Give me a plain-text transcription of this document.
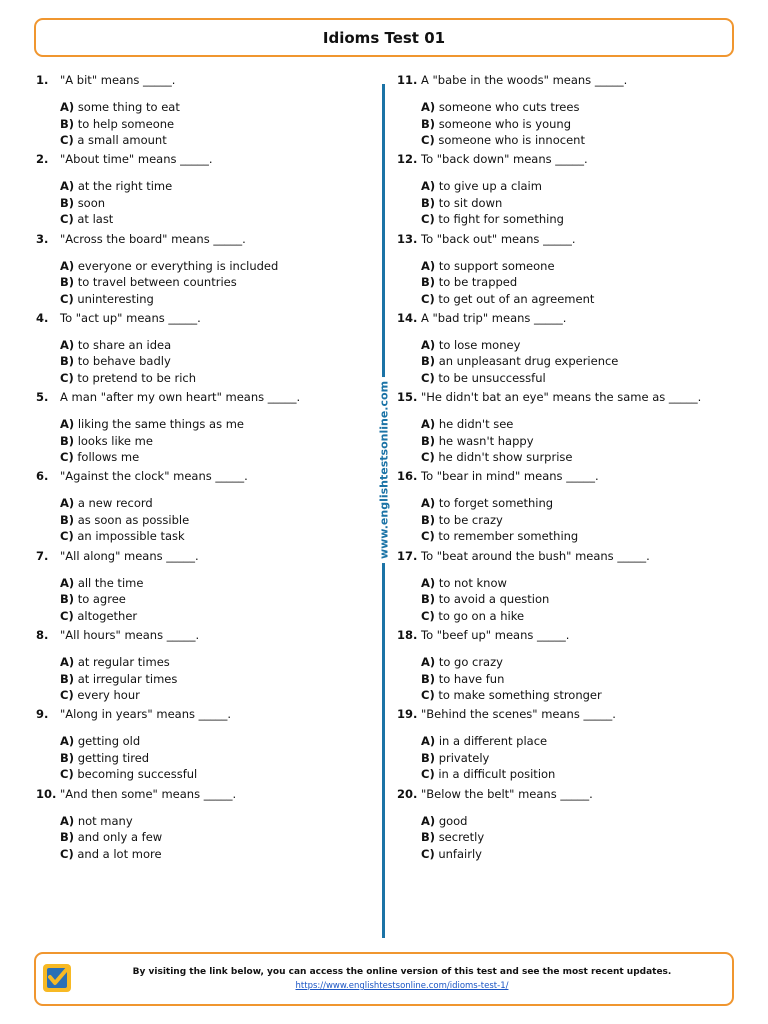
Idioms Test 01
1.	"A bit" means _____.
A) some thing to eat
B) to help someone
C) a small amount
2.	"About time" means _____.
A) at the right time
B) soon
C) at last
3.	"Across the board" means _____.
A) everyone or everything is included
B) to travel between countries
C) uninteresting
4.	To "act up" means _____.
A) to share an idea
B) to behave badly
C) to pretend to be rich
5.	A man "after my own heart" means _____.
A) liking the same things as me
B) looks like me
C) follows me
6.	"Against the clock" means _____.
A) a new record
B) as soon as possible
C) an impossible task
7.	"All along" means _____.
A) all the time
B) to agree
C) altogether
8.	"All hours" means _____.
A) at regular times
B) at irregular times
C) every hour
9.	"Along in years" means _____.
A) getting old
B) getting tired
C) becoming successful
10. "And then some" means _____.
A) not many
B) and only a few
C) and a lot more
11. A "babe in the woods" means _____.
A) someone who cuts trees
B) someone who is young
C) someone who is innocent
12. To "back down" means _____.
A) to give up a claim
B) to sit down
C) to fight for something
13. To "back out" means _____.
A) to support someone
B) to be trapped
C) to get out of an agreement
14. A "bad trip" means _____.
A) to lose money
B) an unpleasant drug experience
C) to be unsuccessful
15. "He didn't bat an eye" means the same as _____.
A) he didn't see
B) he wasn't happy
C) he didn't show surprise
16. To "bear in mind" means _____.
A) to forget something
B) to be crazy
C) to remember something
17. To "beat around the bush" means _____.
A) to not know
B) to avoid a question
C) to go on a hike
18. To "beef up" means _____.
A) to go crazy
B) to have fun
C) to make something stronger
19. "Behind the scenes" means _____.
A) in a different place
B) privately
C) in a difficult position
20. "Below the belt" means _____.
A) good
B) secretly
C) unfairly
www.englishtestsonline.com
By visiting the link below, you can access the online version of this test and see the most recent updates.
https://www.englishtestsonline.com/idioms-test-1/
